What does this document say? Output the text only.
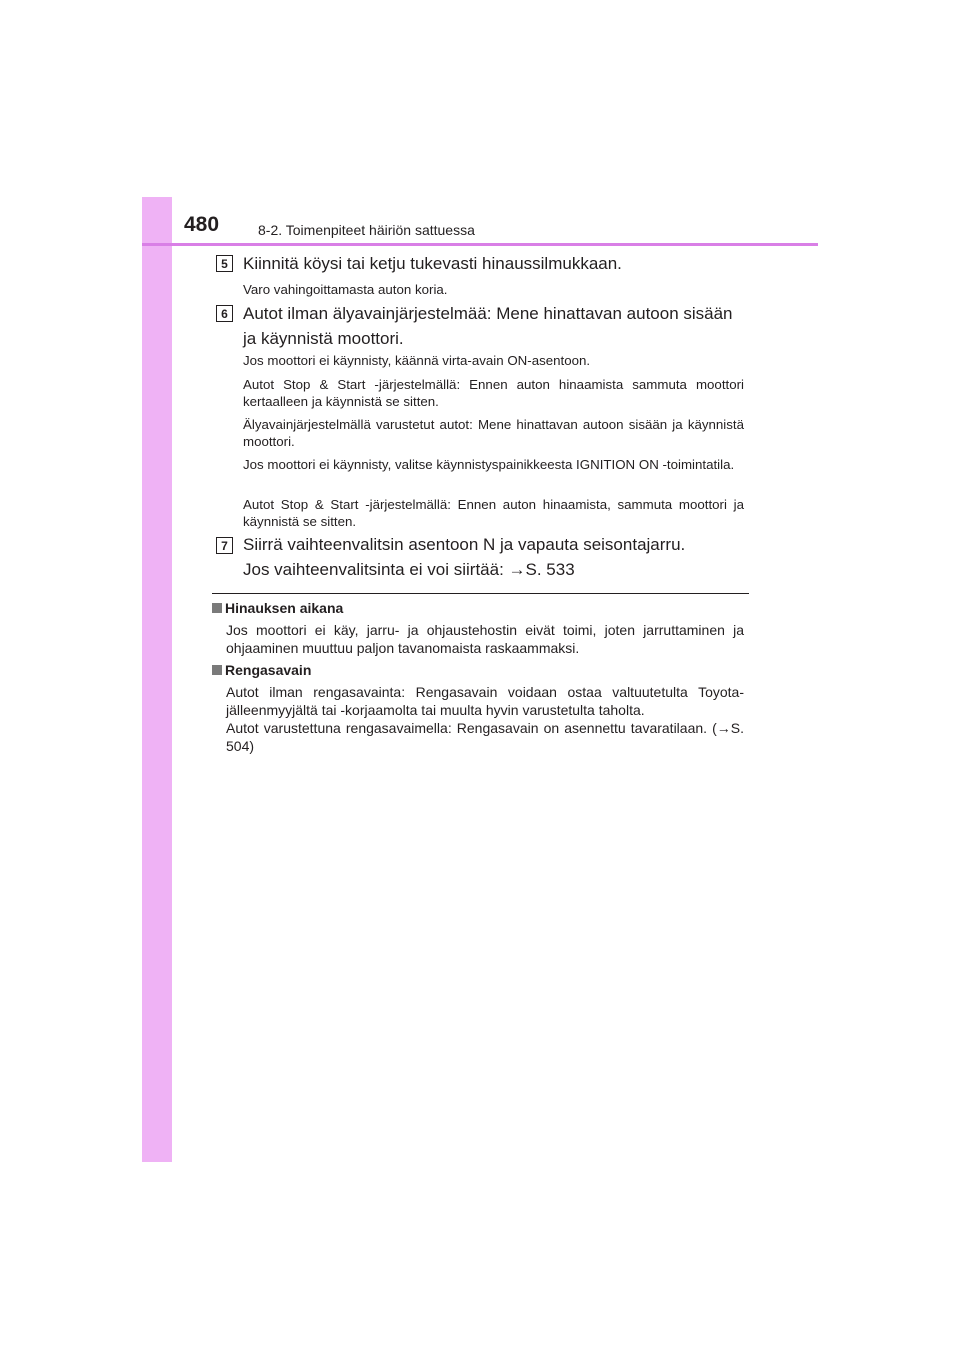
480	8-2. Toimenpiteet häiriön sattuessa
5 Kiinnitä köysi tai ketju tukevasti hinaussilmukkaan.
Varo vahingoittamasta auton koria.
6 Autot ilman älyavainjärjestelmää: Mene hinattavan autoon sisään ja käynnistä moottori.
Jos moottori ei käynnisty, käännä virta-avain ON-asentoon.
Autot Stop & Start -järjestelmällä: Ennen auton hinaamista sammuta moottori kertaalleen ja käynnistä se sitten.
Älyavainjärjestelmällä varustetut autot: Mene hinattavan autoon sisään ja käynnistä moottori.
Jos moottori ei käynnisty, valitse käynnistyspainikkeesta IGNITION ON -toimintatila.
Autot Stop & Start -järjestelmällä: Ennen auton hinaamista, sammuta moottori ja käynnistä se sitten.
7 Siirrä vaihteenvalitsin asentoon N ja vapauta seisontajarru.
Jos vaihteenvalitsinta ei voi siirtää: →S. 533
Hinauksen aikana
Jos moottori ei käy, jarru- ja ohjaustehostin eivät toimi, joten jarruttaminen ja ohjaaminen muuttuu paljon tavanomaista raskaammaksi.
Rengasavain
Autot ilman rengasavainta: Rengasavain voidaan ostaa valtuutetulta Toyota-jälleenmyyjältä tai -korjaamolta tai muulta hyvin varustetulta taholta.
Autot varustettuna rengasavaimella: Rengasavain on asennettu tavaratilaan. (→S. 504)
